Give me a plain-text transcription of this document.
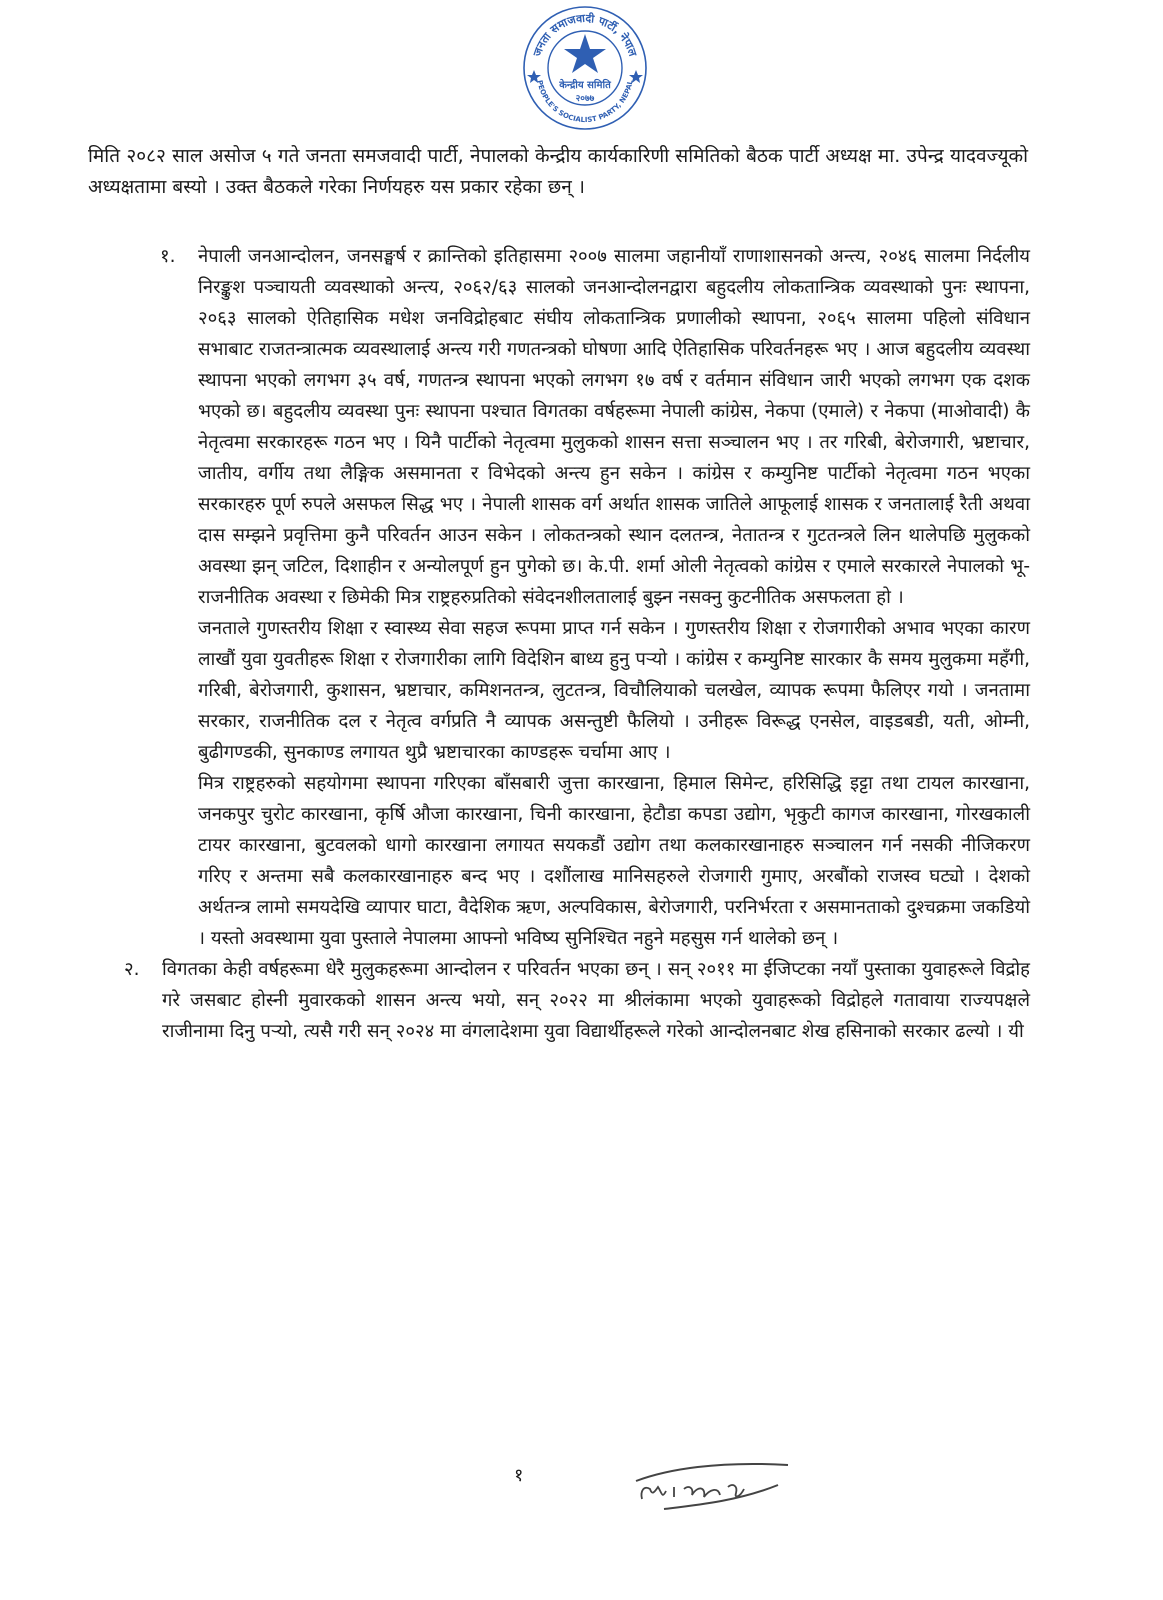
जनता समाजवादी पार्टी, नेपाल
केन्द्रीय समिति
२०७७
PEOPLE'S SOCIALIST PARTY, NEPAL

मिति २०८२ साल असोज ५ गते जनता समजवादी पार्टी, नेपालको केन्द्रीय कार्यकारिणी समितिको बैठक पार्टी अध्यक्ष मा. उपेन्द्र यादवज्यूको अध्यक्षतामा बस्यो । उक्त बैठकले गरेका निर्णयहरु यस प्रकार रहेका छन् ।

१. नेपाली जनआन्दोलन, जनसङ्घर्ष र क्रान्तिको इतिहासमा २००७ सालमा जहानीयाँ राणाशासनको अन्त्य, २०४६ सालमा निर्दलीय निरङ्कुश पञ्चायती व्यवस्थाको अन्त्य, २०६२/६३ सालको जनआन्दोलनद्वारा बहुदलीय लोकतान्त्रिक व्यवस्थाको पुनः स्थापना, २०६३ सालको ऐतिहासिक मधेश जनविद्रोहबाट संघीय लोकतान्त्रिक प्रणालीको स्थापना, २०६५ सालमा पहिलो संविधान सभाबाट राजतन्त्रात्मक व्यवस्थालाई अन्त्य गरी गणतन्त्रको घोषणा आदि ऐतिहासिक परिवर्तनहरू भए । आज बहुदलीय व्यवस्था स्थापना भएको लगभग ३५ वर्ष, गणतन्त्र स्थापना भएको लगभग १७ वर्ष र वर्तमान संविधान जारी भएको लगभग एक दशक भएको छ। बहुदलीय व्यवस्था पुनः स्थापना पश्चात विगतका वर्षहरूमा नेपाली कांग्रेस, नेकपा (एमाले) र नेकपा (माओवादी) कै नेतृत्वमा सरकारहरू गठन भए । यिनै पार्टीको नेतृत्वमा मुलुकको शासन सत्ता सञ्चालन भए । तर गरिबी, बेरोजगारी, भ्रष्टाचार, जातीय, वर्गीय तथा लैङ्गिक असमानता र विभेदको अन्त्य हुन सकेन । कांग्रेस र कम्युनिष्ट पार्टीको नेतृत्वमा गठन भएका सरकारहरु पूर्ण रुपले असफल सिद्ध भए । नेपाली शासक वर्ग अर्थात शासक जातिले आफूलाई शासक र जनतालाई रैती अथवा दास सम्झने प्रवृत्तिमा कुनै परिवर्तन आउन सकेन । लोकतन्त्रको स्थान दलतन्त्र, नेतातन्त्र र गुटतन्त्रले लिन थालेपछि मुलुकको अवस्था झन् जटिल, दिशाहीन र अन्योलपूर्ण हुन पुगेको छ। के.पी. शर्मा ओली नेतृत्वको कांग्रेस र एमाले सरकारले नेपालको भू-राजनीतिक अवस्था र छिमेकी मित्र राष्ट्रहरुप्रतिको संवेदनशीलतालाई बुझ्न नसक्नु कुटनीतिक असफलता हो ।

जनताले गुणस्तरीय शिक्षा र स्वास्थ्य सेवा सहज रूपमा प्राप्त गर्न सकेन । गुणस्तरीय शिक्षा र रोजगारीको अभाव भएका कारण लाखौं युवा युवतीहरू शिक्षा र रोजगारीका लागि विदेशिन बाध्य हुनु पर्‍यो । कांग्रेस र कम्युनिष्ट सारकार कै समय मुलुकमा महँगी, गरिबी, बेरोजगारी, कुशासन, भ्रष्टाचार, कमिशनतन्त्र, लुटतन्त्र, विचौलियाको चलखेल, व्यापक रूपमा फैलिएर गयो । जनतामा सरकार, राजनीतिक दल र नेतृत्व वर्गप्रति नै व्यापक असन्तुष्टी फैलियो । उनीहरू विरूद्ध एनसेल, वाइडबडी, यती, ओम्नी, बुढीगण्डकी, सुनकाण्ड लगायत थुप्रै भ्रष्टाचारका काण्डहरू चर्चामा आए ।

मित्र राष्ट्रहरुको सहयोगमा स्थापना गरिएका बाँसबारी जुत्ता कारखाना, हिमाल सिमेन्ट, हरिसिद्धि इट्टा तथा टायल कारखाना, जनकपुर चुरोट कारखाना, कृर्षि औजा कारखाना, चिनी कारखाना, हेटौडा कपडा उद्योग, भृकुटी कागज कारखाना, गोरखकाली टायर कारखाना, बुटवलको धागो कारखाना लगायत सयकडौं उद्योग तथा कलकारखानाहरु सञ्चालन गर्न नसकी नीजिकरण गरिए र अन्तमा सबै कलकारखानाहरु बन्द भए । दशौंलाख मानिसहरुले रोजगारी गुमाए, अरबौंको राजस्व घट्यो । देशको अर्थतन्त्र लामो समयदेखि व्यापार घाटा, वैदेशिक ऋण, अल्पविकास, बेरोजगारी, परनिर्भरता र असमानताको दुश्चक्रमा जकडियो । यस्तो अवस्थामा युवा पुस्ताले नेपालमा आफ्नो भविष्य सुनिश्चित नहुने महसुस गर्न थालेको छन् ।

२. विगतका केही वर्षहरूमा धेरै मुलुकहरूमा आन्दोलन र परिवर्तन भएका छन् । सन् २०११ मा ईजिप्टका नयाँ पुस्ताका युवाहरूले विद्रोह गरे जसबाट होस्नी मुवारकको शासन अन्त्य भयो, सन् २०२२ मा श्रीलंकामा भएको युवाहरूको विद्रोहले गतावाया राज्यपक्षले राजीनामा दिनु पर्‍यो, त्यसै गरी सन् २०२४ मा वंगलादेशमा युवा विद्यार्थीहरूले गरेको आन्दोलनबाट शेख हसिनाको सरकार ढल्यो । यी

१
